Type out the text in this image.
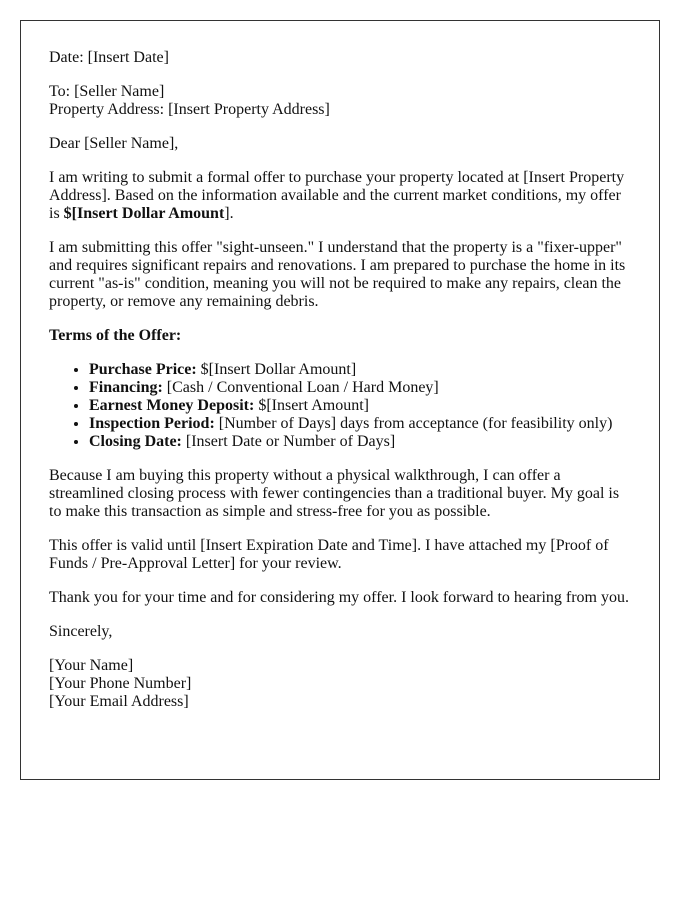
Date: [Insert Date]

To: [Seller Name]

Property Address: [Insert Property Address]

Dear [Seller Name],

I am writing to submit a formal offer to purchase your property located at [Insert Property Address]. Based on the information available and the current market conditions, my offer is $[Insert Dollar Amount].

I am submitting this offer "sight-unseen." I understand that the property is a "fixer-upper" and requires significant repairs and renovations. I am prepared to purchase the home in its current "as-is" condition, meaning you will not be required to make any repairs, clean the property, or remove any remaining debris.

Terms of the Offer:

• Purchase Price: $[Insert Dollar Amount]
• Financing: [Cash / Conventional Loan / Hard Money]
• Earnest Money Deposit: $[Insert Amount]
• Inspection Period: [Number of Days] days from acceptance (for feasibility only)
• Closing Date: [Insert Date or Number of Days]

Because I am buying this property without a physical walkthrough, I can offer a streamlined closing process with fewer contingencies than a traditional buyer. My goal is to make this transaction as simple and stress-free for you as possible.

This offer is valid until [Insert Expiration Date and Time]. I have attached my [Proof of Funds / Pre-Approval Letter] for your review.

Thank you for your time and for considering my offer. I look forward to hearing from you.

Sincerely,

[Your Name]

[Your Phone Number]

[Your Email Address]
